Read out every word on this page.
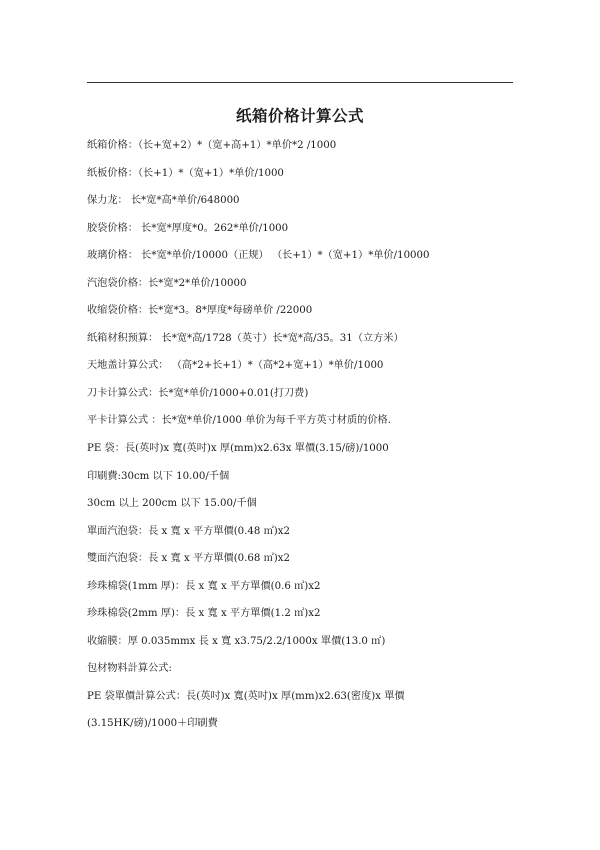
纸箱价格计算公式
纸箱价格：（长+宽+2）*（宽+高+1）*单价*2 /1000
纸板价格：（长+1）*（宽+1）*单价/1000
保力龙： 长*宽*高*单价/648000
胶袋价格： 长*宽*厚度*0。262*单价/1000
玻璃价格： 长*宽*单价/10000（正规） （长+1）*（宽+1）*单价/10000
汽泡袋价格：长*宽*2*单价/10000
收缩袋价格：长*宽*3。8*厚度*每磅单价 /22000
纸箱材积预算： 长*宽*高/1728（英寸）长*宽*高/35。31（立方米）
天地盖计算公式： （高*2+长+1）*（高*2+宽+1）*单价/1000
刀卡计算公式：长*宽*单价/1000+0.01(打刀费)
平卡计算公式 ：长*宽*单价/1000 单价为每千平方英寸材质的价格.
PE 袋：長(英吋)x 寬(英吋)x 厚(mm)x2.63x 單價(3.15/磅)/1000
印刷費:30cm 以下 10.00/千個
30cm 以上 200cm 以下 15.00/千個
單面汽泡袋：長 x 寬 x 平方單價(0.48 ㎡)x2
雙面汽泡袋：長 x 寬 x 平方單價(0.68 ㎡)x2
珍珠棉袋(1mm 厚)：長 x 寬 x 平方單價(0.6 ㎡)x2
珍珠棉袋(2mm 厚)：長 x 寬 x 平方單價(1.2 ㎡)x2
收縮膜：厚 0.035mmx 長 x 寬 x3.75/2.2/1000x 單價(13.0 ㎡)
包材物料計算公式:
PE 袋單價計算公式：長(英吋)x 寬(英吋)x 厚(mm)x2.63(密度)x 單價
(3.15HK/磅)/1000＋印刷費
